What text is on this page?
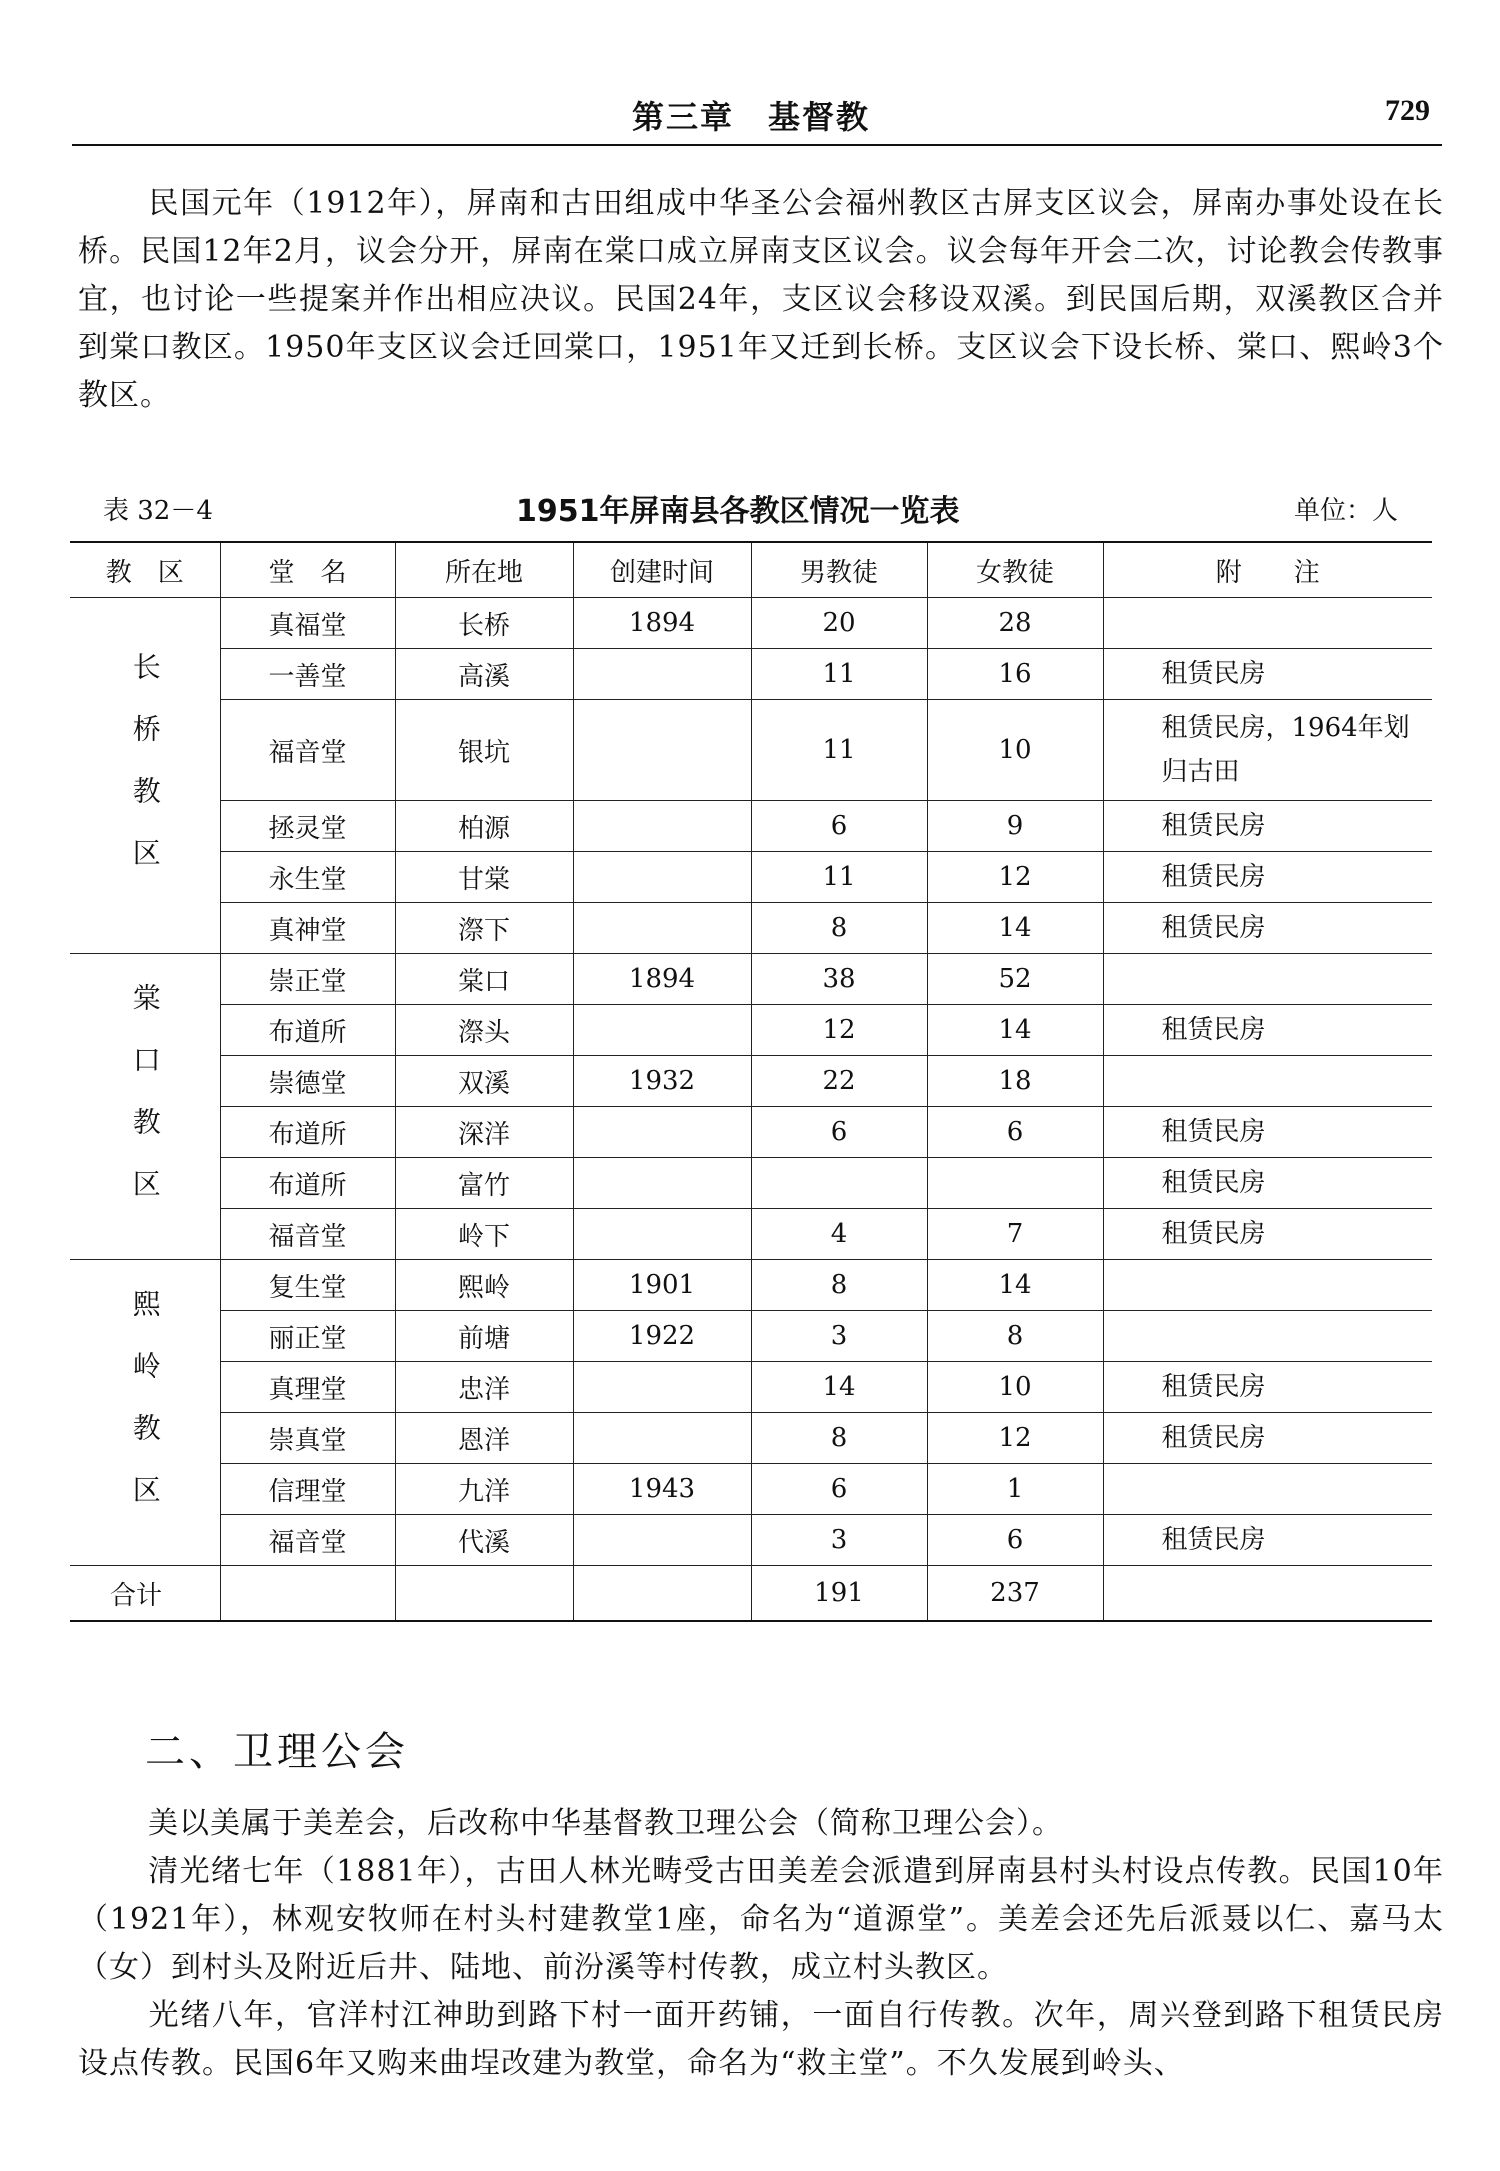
第三章 基督教	729
民国元年（1912年），屏南和古田组成中华圣公会福州教区古屏支区议会，屏南办事处设在长桥。民国12年2月，议会分开，屏南在棠口成立屏南支区议会。议会每年开会二次，讨论教会传教事宜，也讨论一些提案并作出相应决议。民国24年，支区议会移设双溪。到民国后期，双溪教区合并到棠口教区。1950年支区议会迁回棠口，1951年又迁到长桥。支区议会下设长桥、棠口、熙岭3个教区。
表 32－4	1951年屏南县各教区情况一览表	单位：人
教　区	堂　名	所在地	创建时间	男教徒	女教徒	附　　注
长桥教区	真福堂	长桥	1894	20	28	
	一善堂	高溪		11	16	租赁民房
	福音堂	银坑		11	10	租赁民房，1964年划归古田
	拯灵堂	柏源		6	9	租赁民房
	永生堂	甘棠		11	12	租赁民房
	真神堂	漈下		8	14	租赁民房
棠口教区	崇正堂	棠口	1894	38	52	
	布道所	漈头		12	14	租赁民房
	崇德堂	双溪	1932	22	18	
	布道所	深洋		6	6	租赁民房
	布道所	富竹				租赁民房
	福音堂	岭下		4	7	租赁民房
熙岭教区	复生堂	熙岭	1901	8	14	
	丽正堂	前塘	1922	3	8	
	真理堂	忠洋		14	10	租赁民房
	崇真堂	恩洋		8	12	租赁民房
	信理堂	九洋	1943	6	1	
	福音堂	代溪		3	6	租赁民房
合计				191	237	
二、卫理公会
美以美属于美差会，后改称中华基督教卫理公会（简称卫理公会）。
清光绪七年（1881年），古田人林光畴受古田美差会派遣到屏南县村头村设点传教。民国10年（1921年），林观安牧师在村头村建教堂1座，命名为“道源堂”。美差会还先后派聂以仁、嘉马太（女）到村头及附近后井、陆地、前汾溪等村传教，成立村头教区。
光绪八年，官洋村江神助到路下村一面开药铺，一面自行传教。次年，周兴登到路下租赁民房设点传教。民国6年又购来曲埕改建为教堂，命名为“救主堂”。不久发展到岭头、
